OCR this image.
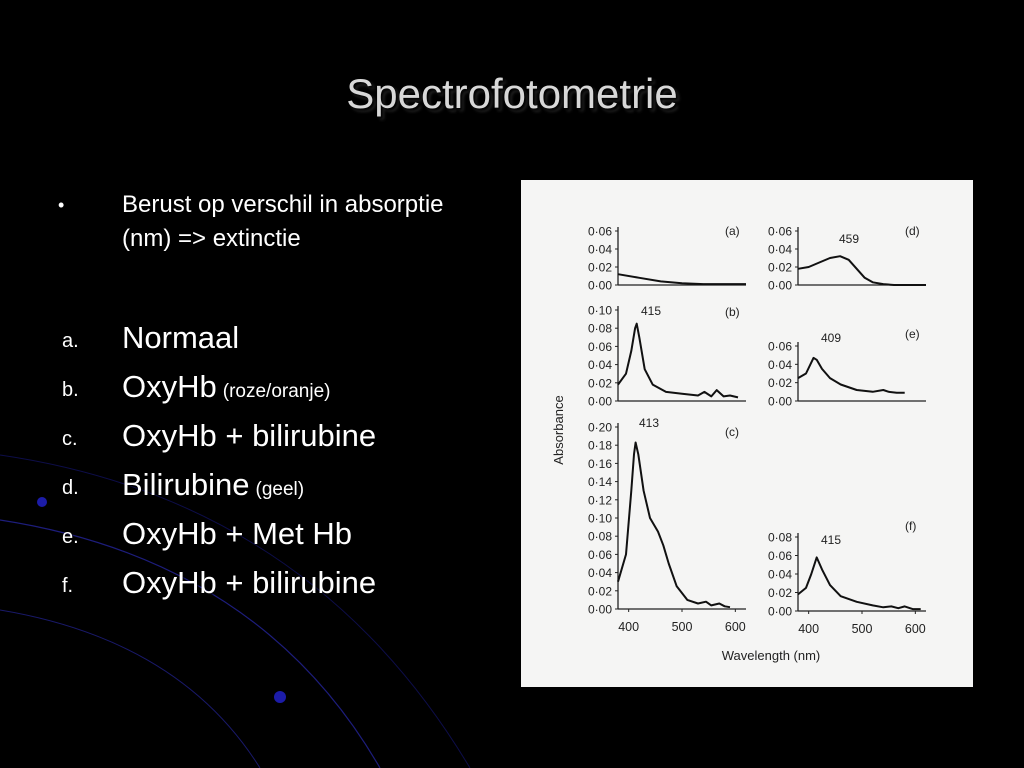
Spectrofotometrie
• Berust op verschil in absorptie (nm) => extinctie
a. Normaal
b. OxyHb (roze/oranje)
c. OxyHb + bilirubine
d. Bilirubine (geel)
e. OxyHb + Met Hb
f. OxyHb + bilirubine
0·00
0·02
0·04
0·06	(a)
0·00
0·02
0·04
0·06
0·08
0·10	(b)
415
0·00
0·02
0·04
0·06
0·08
0·10
0·12
0·14
0·16
0·18
0·20	(c)
413
0·00
0·02
0·04
0·06	(d)
459
0·00
0·02
0·04
0·06
(e)
409
0·00
0·02
0·04
0·06
0·08
(f)
415
400	500	600	400	500	600
Wavelength (nm)
Absorbance
